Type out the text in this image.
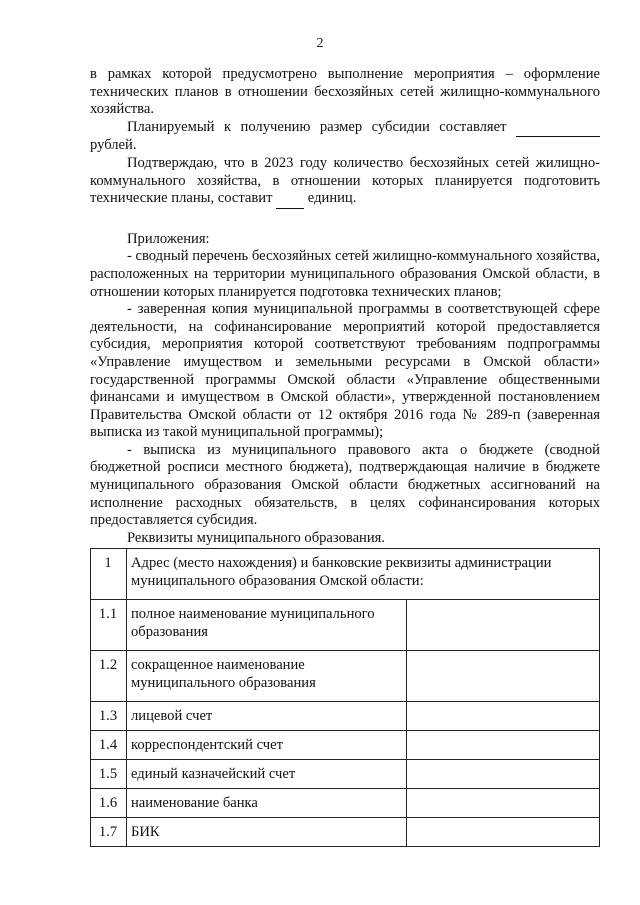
2

в рамках которой предусмотрено выполнение мероприятия – оформление технических планов в отношении бесхозяйных сетей жилищно-коммунального хозяйства.

Планируемый к получению размер субсидии составляет   рублей.

Подтверждаю, что в 2023 году количество бесхозяйных сетей жилищно-коммунального хозяйства, в отношении которых планируется подготовить технические планы, составит единиц.

Приложения:

- сводный перечень бесхозяйных сетей жилищно-коммунального хозяйства, расположенных на территории муниципального образования Омской области, в отношении которых планируется подготовка технических планов;

- заверенная копия муниципальной программы в соответствующей сфере деятельности, на софинансирование мероприятий которой предоставляется субсидия, мероприятия которой соответствуют требованиям подпрограммы «Управление имуществом и земельными ресурсами в Омской области» государственной программы Омской области «Управление общественными финансами и имуществом в Омской области», утвержденной постановлением Правительства Омской области от 12 октября 2016 года № 289-п (заверенная выписка из такой муниципальной программы);

- выписка из муниципального правового акта о бюджете (сводной бюджетной росписи местного бюджета), подтверждающая наличие в бюджете муниципального образования Омской области бюджетных ассигнований на исполнение расходных обязательств, в целях софинансирования которых предоставляется субсидия.

Реквизиты муниципального образования.

1	Адрес (место нахождения) и банковские реквизиты администрации муниципального образования Омской области:	
1.1	полное наименование муниципального образования	
1.2	сокращенное наименование муниципального образования	
1.3	лицевой счет	
1.4	корреспондентский счет	
1.5	единый казначейский счет	
1.6	наименование банка	
1.7	БИК	
